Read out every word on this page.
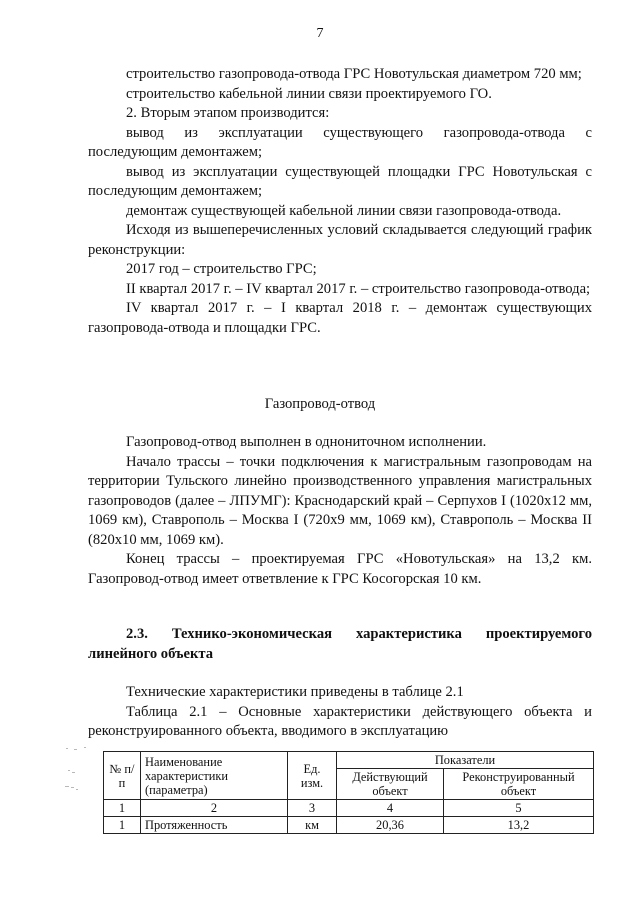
7

строительство газопровода-отвода ГРС Новотульская диаметром 720 мм;

строительство кабельной линии связи проектируемого ГО.

2. Вторым этапом производится:

вывод из эксплуатации существующего газопровода-отвода с последующим демонтажем;

вывод из эксплуатации существующей площадки ГРС Новотульская с последующим демонтажем;

демонтаж существующей кабельной линии связи газопровода-отвода.

Исходя из вышеперечисленных условий складывается следующий график реконструкции:

2017 год – строительство ГРС;

II квартал 2017 г. – IV квартал 2017 г. – строительство газопровода-отвода;

IV квартал 2017 г. – I квартал 2018 г. – демонтаж существующих газопровода-отвода и площадки ГРС.

Газопровод-отвод

Газопровод-отвод выполнен в однониточном исполнении.

Начало трассы – точки подключения к магистральным газопроводам на территории Тульского линейно производственного управления магистральных газопроводов (далее – ЛПУМГ): Краснодарский край – Серпухов I (1020x12 мм, 1069 км), Ставрополь – Москва I (720x9 мм, 1069 км), Ставрополь – Москва II (820x10 мм, 1069 км).

Конец трассы – проектируемая ГРС «Новотульская» на 13,2 км. Газопровод-отвод имеет ответвление к ГРС Косогорская 10 км.

2.3. Технико-экономическая характеристика проектируемого линейного объекта

Технические характеристики приведены в таблице 2.1

Таблица 2.1 – Основные характеристики действующего объекта и реконструированного объекта, вводимого в эксплуатацию

№ п/п	Наименование характеристики (параметра)	Ед. изм.	Показатели	
			Действующий объект	Реконструированный объект
1	2	3	4	5
1	Протяженность	км	20,36	13,2
